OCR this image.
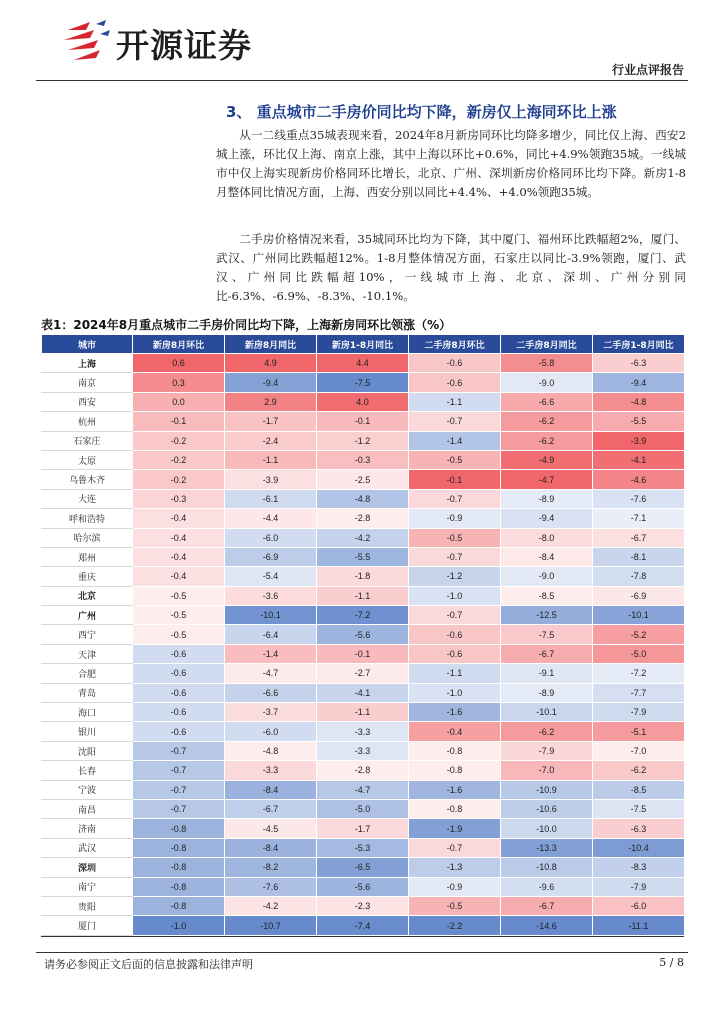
开源证券
行业点评报告
3、 重点城市二手房价同比均下降，新房仅上海同环比上涨
从一二线重点35城表现来看，2024年8月新房同环比均降多增少，同比仅上海、西安2城上涨，环比仅上海、南京上涨，其中上海以环比+0.6%，同比+4.9%领跑35城。一线城市中仅上海实现新房价格同环比增长，北京、广州、深圳新房价格同环比均下降。新房1-8月整体同比情况方面，上海、西安分别以同比+4.4%、+4.0%领跑35城。
二手房价格情况来看，35城同环比均为下降，其中厦门、福州环比跌幅超2%，厦门、武汉、广州同比跌幅超12%。1-8月整体情况方面，石家庄以同比-3.9%领跑，厦门、武汉、广州同比跌幅超10%，一线城市上海、北京、深圳、广州分别同比-6.3%、-6.9%、-8.3%、-10.1%。
表1：2024年8月重点城市二手房价同比均下降，上海新房同环比领涨（%）
城市	新房8月环比	新房8月同比	新房1-8月同比	二手房8月环比	二手房8月同比	二手房1-8月同比
上海	0.6	4.9	4.4	-0.6	-5.8	-6.3
南京	0.3	-9.4	-7.5	-0.6	-9.0	-9.4
西安	0.0	2.9	4.0	-1.1	-6.6	-4.8
杭州	-0.1	-1.7	-0.1	-0.7	-6.2	-5.5
石家庄	-0.2	-2.4	-1.2	-1.4	-6.2	-3.9
太原	-0.2	-1.1	-0.3	-0.5	-4.9	-4.1
乌鲁木齐	-0.2	-3.9	-2.5	-0.1	-4.7	-4.6
大连	-0.3	-6.1	-4.8	-0.7	-8.9	-7.6
呼和浩特	-0.4	-4.4	-2.8	-0.9	-9.4	-7.1
哈尔滨	-0.4	-6.0	-4.2	-0.5	-8.0	-6.7
郑州	-0.4	-6.9	-5.5	-0.7	-8.4	-8.1
重庆	-0.4	-5.4	-1.8	-1.2	-9.0	-7.8
北京	-0.5	-3.6	-1.1	-1.0	-8.5	-6.9
广州	-0.5	-10.1	-7.2	-0.7	-12.5	-10.1
西宁	-0.5	-6.4	-5.6	-0.6	-7.5	-5.2
天津	-0.6	-1.4	-0.1	-0.6	-6.7	-5.0
合肥	-0.6	-4.7	-2.7	-1.1	-9.1	-7.2
青岛	-0.6	-6.6	-4.1	-1.0	-8.9	-7.7
海口	-0.6	-3.7	-1.1	-1.6	-10.1	-7.9
银川	-0.6	-6.0	-3.3	-0.4	-6.2	-5.1
沈阳	-0.7	-4.8	-3.3	-0.8	-7.9	-7.0
长春	-0.7	-3.3	-2.8	-0.8	-7.0	-6.2
宁波	-0.7	-8.4	-4.7	-1.6	-10.9	-8.5
南昌	-0.7	-6.7	-5.0	-0.8	-10.6	-7.5
济南	-0.8	-4.5	-1.7	-1.9	-10.0	-6.3
武汉	-0.8	-8.4	-5.3	-0.7	-13.3	-10.4
深圳	-0.8	-8.2	-6.5	-1.3	-10.8	-8.3
南宁	-0.8	-7.6	-5.6	-0.9	-9.6	-7.9
贵阳	-0.8	-4.2	-2.3	-0.5	-6.7	-6.0
厦门	-1.0	-10.7	-7.4	-2.2	-14.6	-11.1
请务必参阅正文后面的信息披露和法律声明	5 / 8
